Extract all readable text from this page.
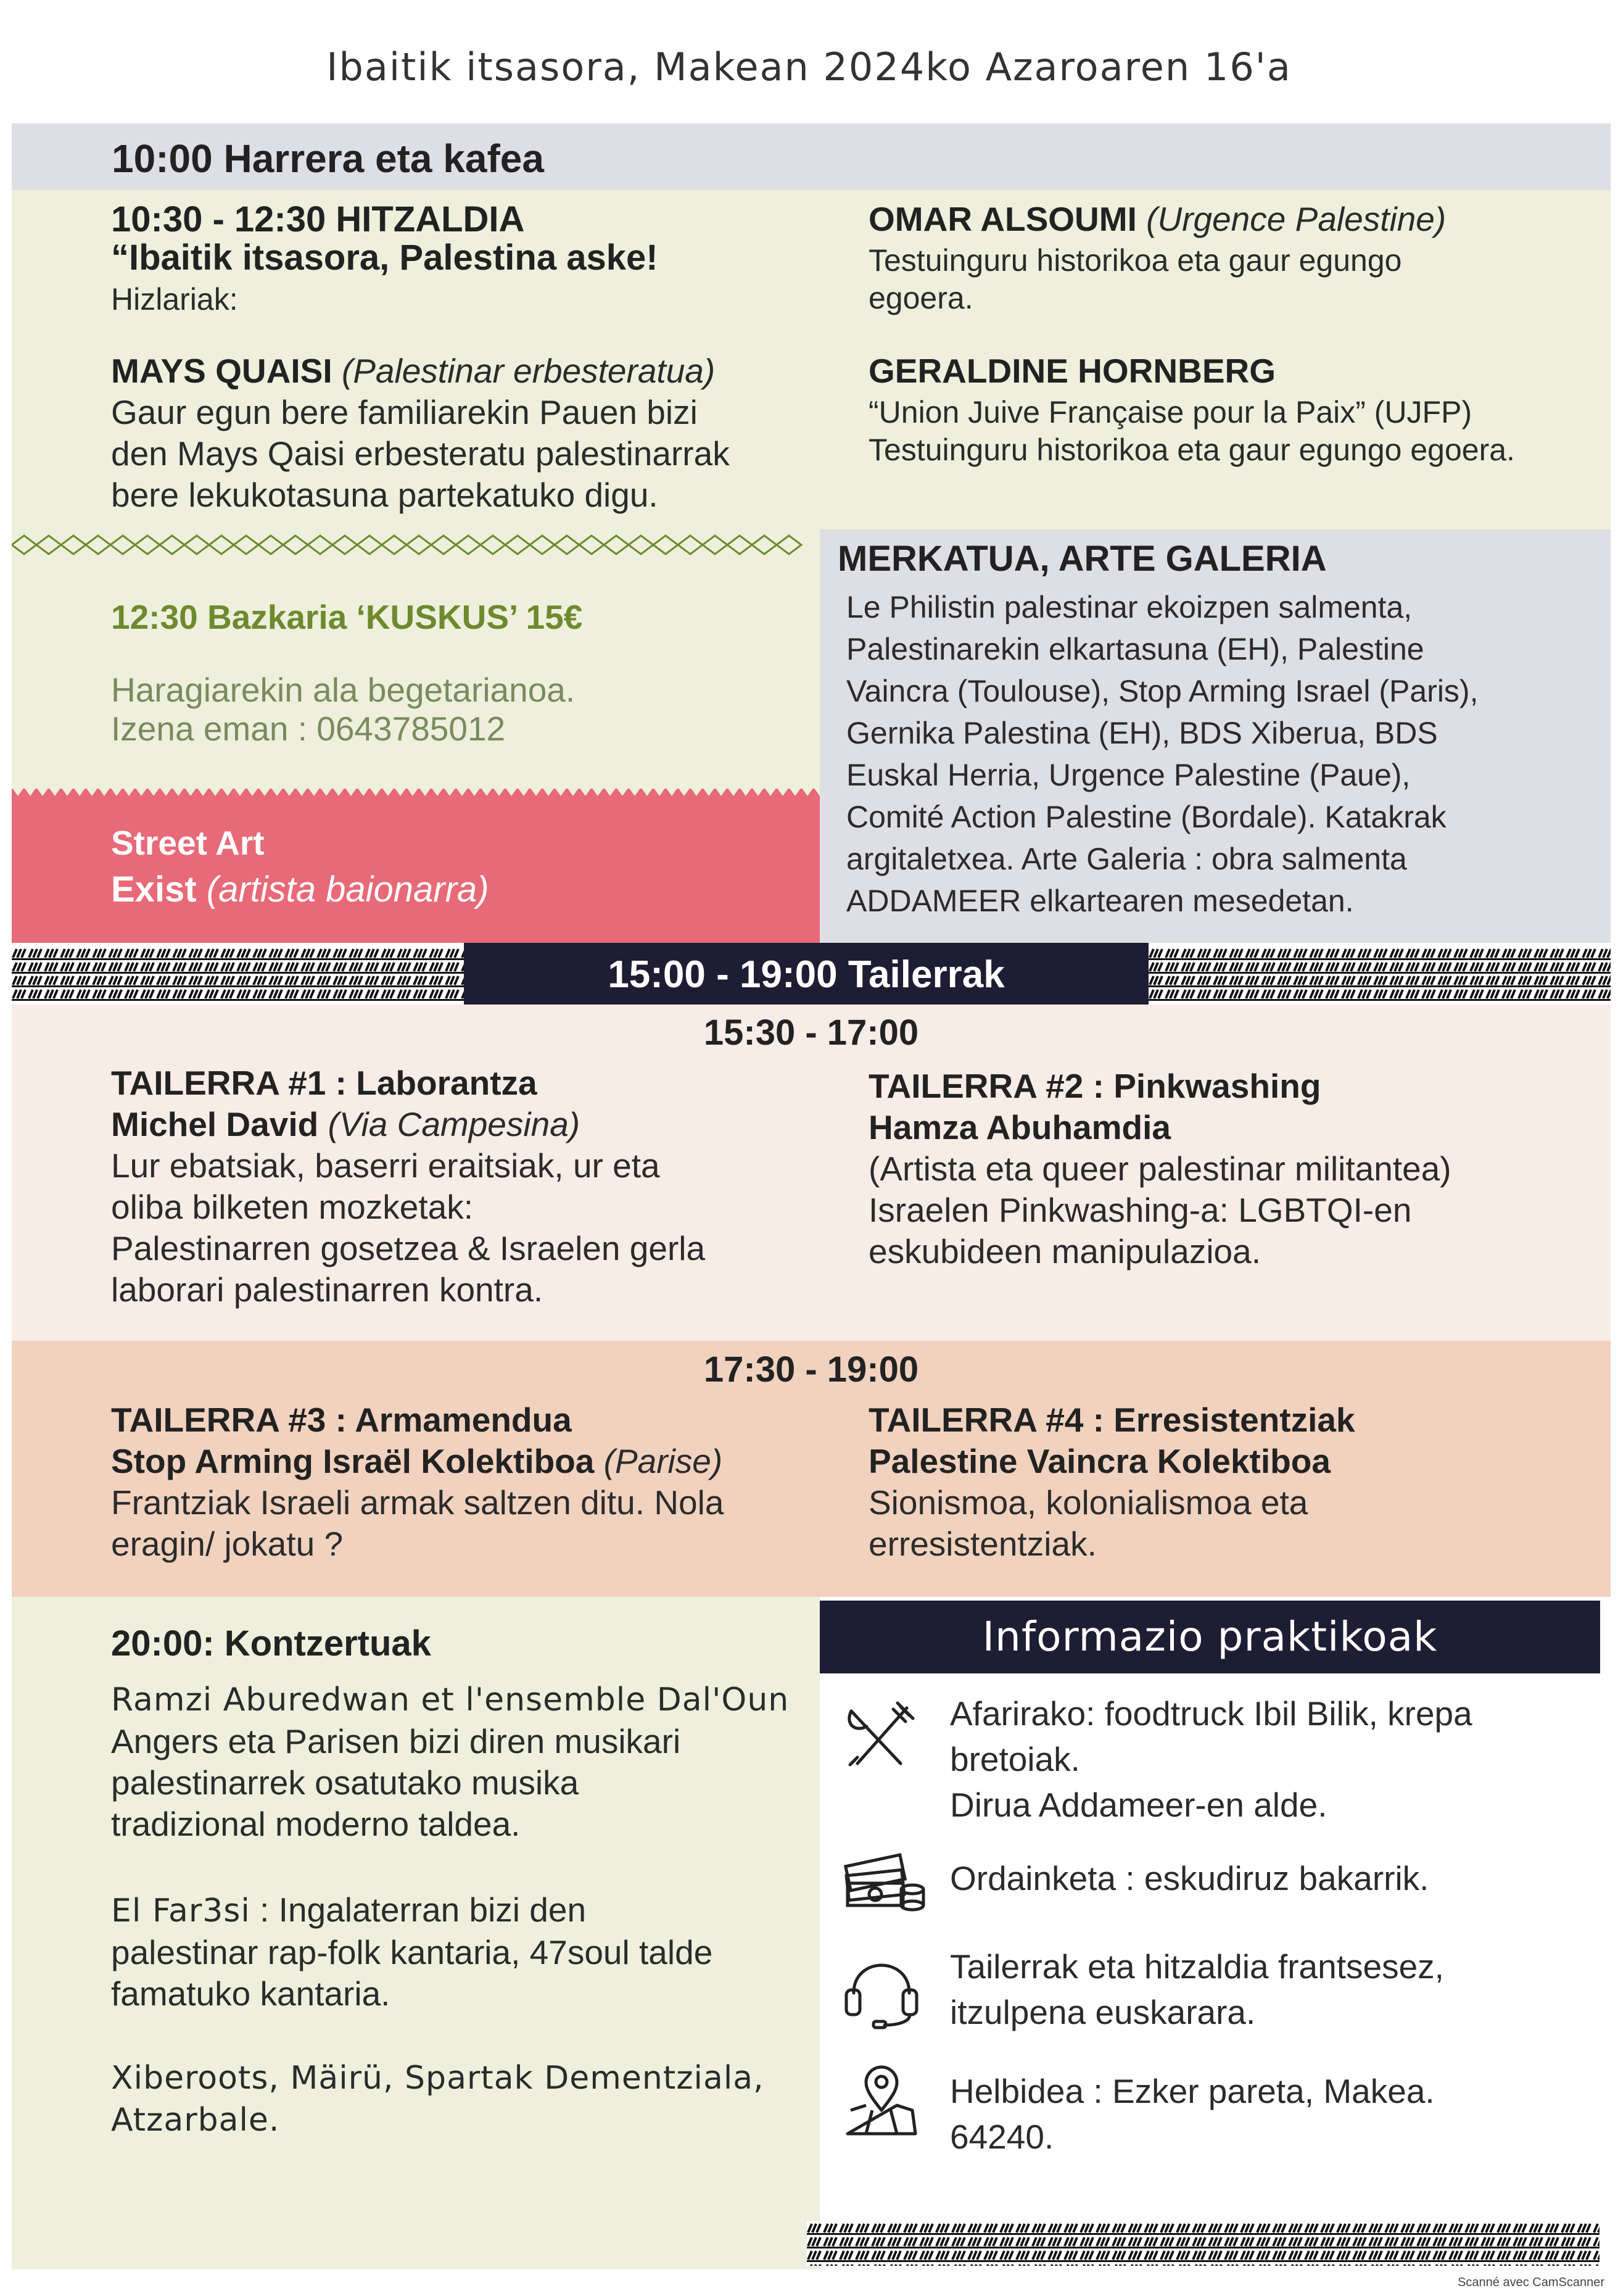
Ibaitik itsasora, Makean 2024ko Azaroaren 16'a
10:00 Harrera eta kafea
10:30 - 12:30 HITZALDIA
“Ibaitik itsasora, Palestina aske!
Hizlariak:
MAYS QUAISI (Palestinar erbesteratua)
Gaur egun bere familiarekin Pauen bizi
den Mays Qaisi erbesteratu palestinarrak
bere lekukotasuna partekatuko digu.
OMAR ALSOUMI (Urgence Palestine)
Testuinguru historikoa eta gaur egungo
egoera.
GERALDINE HORNBERG
“Union Juive Française pour la Paix” (UJFP)
Testuinguru historikoa eta gaur egungo egoera.
12:30 Bazkaria ‘KUSKUS’ 15€
Haragiarekin ala begetarianoa.
Izena eman : 0643785012
Street Art
Exist (artista baionarra)
MERKATUA, ARTE GALERIA
Le Philistin palestinar ekoizpen salmenta,
Palestinarekin elkartasuna (EH), Palestine
Vaincra (Toulouse), Stop Arming Israel (Paris),
Gernika Palestina (EH), BDS Xiberua, BDS
Euskal Herria, Urgence Palestine (Paue),
Comité Action Palestine (Bordale). Katakrak
argitaletxea. Arte Galeria : obra salmenta
ADDAMEER elkartearen mesedetan.
15:00 - 19:00 Tailerrak
15:30 - 17:00
TAILERRA #1 : Laborantza
Michel David (Via Campesina)
Lur ebatsiak, baserri eraitsiak, ur eta
oliba bilketen mozketak:
Palestinarren gosetzea & Israelen gerla
laborari palestinarren kontra.
TAILERRA #2 : Pinkwashing
Hamza Abuhamdia
(Artista eta queer palestinar militantea)
Israelen Pinkwashing-a: LGBTQI-en
eskubideen manipulazioa.
17:30 - 19:00
TAILERRA #3 : Armamendua
Stop Arming Israël Kolektiboa (Parise)
Frantziak Israeli armak saltzen ditu. Nola
eragin/ jokatu ?
TAILERRA #4 : Erresistentziak
Palestine Vaincra Kolektiboa
Sionismoa, kolonialismoa eta
erresistentziak.
20:00: Kontzertuak
Ramzi Aburedwan et l'ensemble Dal'Oun
Angers eta Parisen bizi diren musikari
palestinarrek osatutako musika
tradizional moderno taldea.
El Far3si : Ingalaterran bizi den
palestinar rap-folk kantaria, 47soul talde
famatuko kantaria.
Xiberoots, Mäirü, Spartak Dementziala,
Atzarbale.
Informazio praktikoak
Afarirako: foodtruck Ibil Bilik, krepa
bretoiak.
Dirua Addameer-en alde.
Ordainketa : eskudiruz bakarrik.
Tailerrak eta hitzaldia frantsesez,
itzulpena euskarara.
Helbidea : Ezker pareta, Makea.
64240.
Scanné avec CamScanner
